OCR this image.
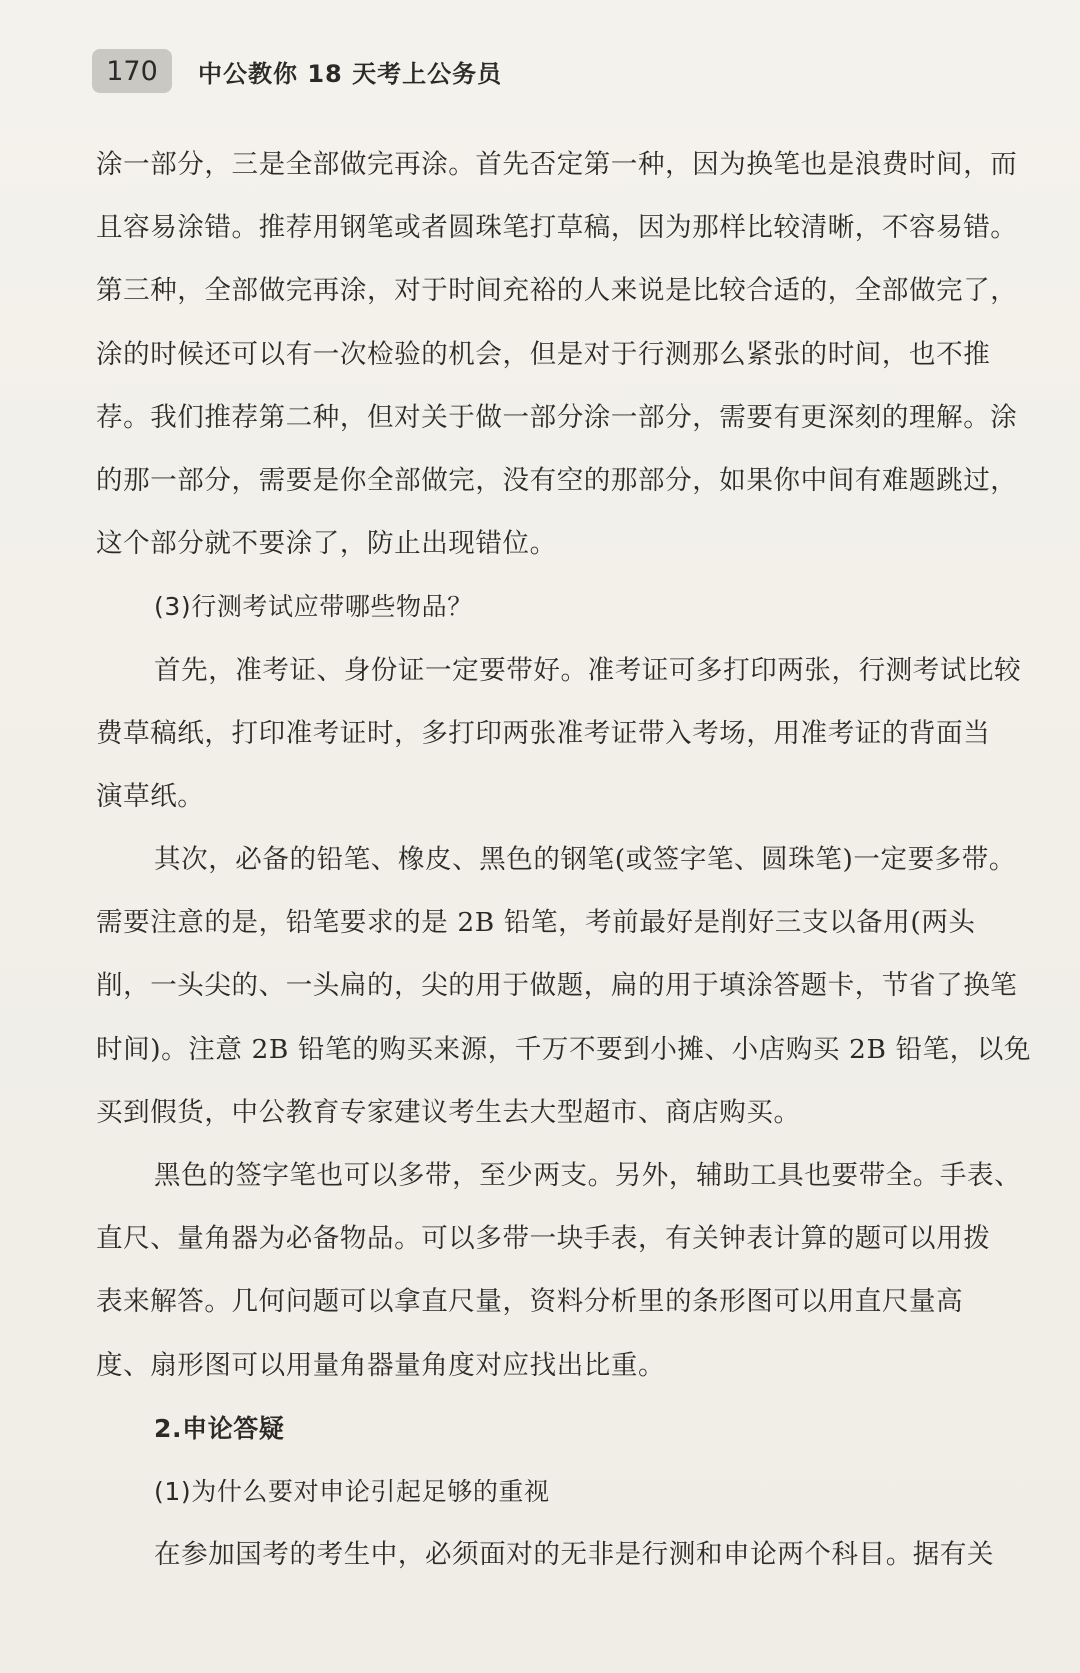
170	中公教你 18 天考上公务员
涂一部分，三是全部做完再涂。首先否定第一种，因为换笔也是浪费时间，而
且容易涂错。推荐用钢笔或者圆珠笔打草稿，因为那样比较清晰，不容易错。
第三种，全部做完再涂，对于时间充裕的人来说是比较合适的，全部做完了，
涂的时候还可以有一次检验的机会，但是对于行测那么紧张的时间，也不推
荐。我们推荐第二种，但对关于做一部分涂一部分，需要有更深刻的理解。涂
的那一部分，需要是你全部做完，没有空的那部分，如果你中间有难题跳过，
这个部分就不要涂了，防止出现错位。
(3)行测考试应带哪些物品？
首先，准考证、身份证一定要带好。准考证可多打印两张，行测考试比较
费草稿纸，打印准考证时，多打印两张准考证带入考场，用准考证的背面当
演草纸。
其次，必备的铅笔、橡皮、黑色的钢笔(或签字笔、圆珠笔)一定要多带。
需要注意的是，铅笔要求的是 2B 铅笔，考前最好是削好三支以备用(两头
削，一头尖的、一头扁的，尖的用于做题，扁的用于填涂答题卡，节省了换笔
时间)。注意 2B 铅笔的购买来源，千万不要到小摊、小店购买 2B 铅笔，以免
买到假货，中公教育专家建议考生去大型超市、商店购买。
黑色的签字笔也可以多带，至少两支。另外，辅助工具也要带全。手表、
直尺、量角器为必备物品。可以多带一块手表，有关钟表计算的题可以用拨
表来解答。几何问题可以拿直尺量，资料分析里的条形图可以用直尺量高
度、扇形图可以用量角器量角度对应找出比重。
2.申论答疑
(1)为什么要对申论引起足够的重视
在参加国考的考生中，必须面对的无非是行测和申论两个科目。据有关
